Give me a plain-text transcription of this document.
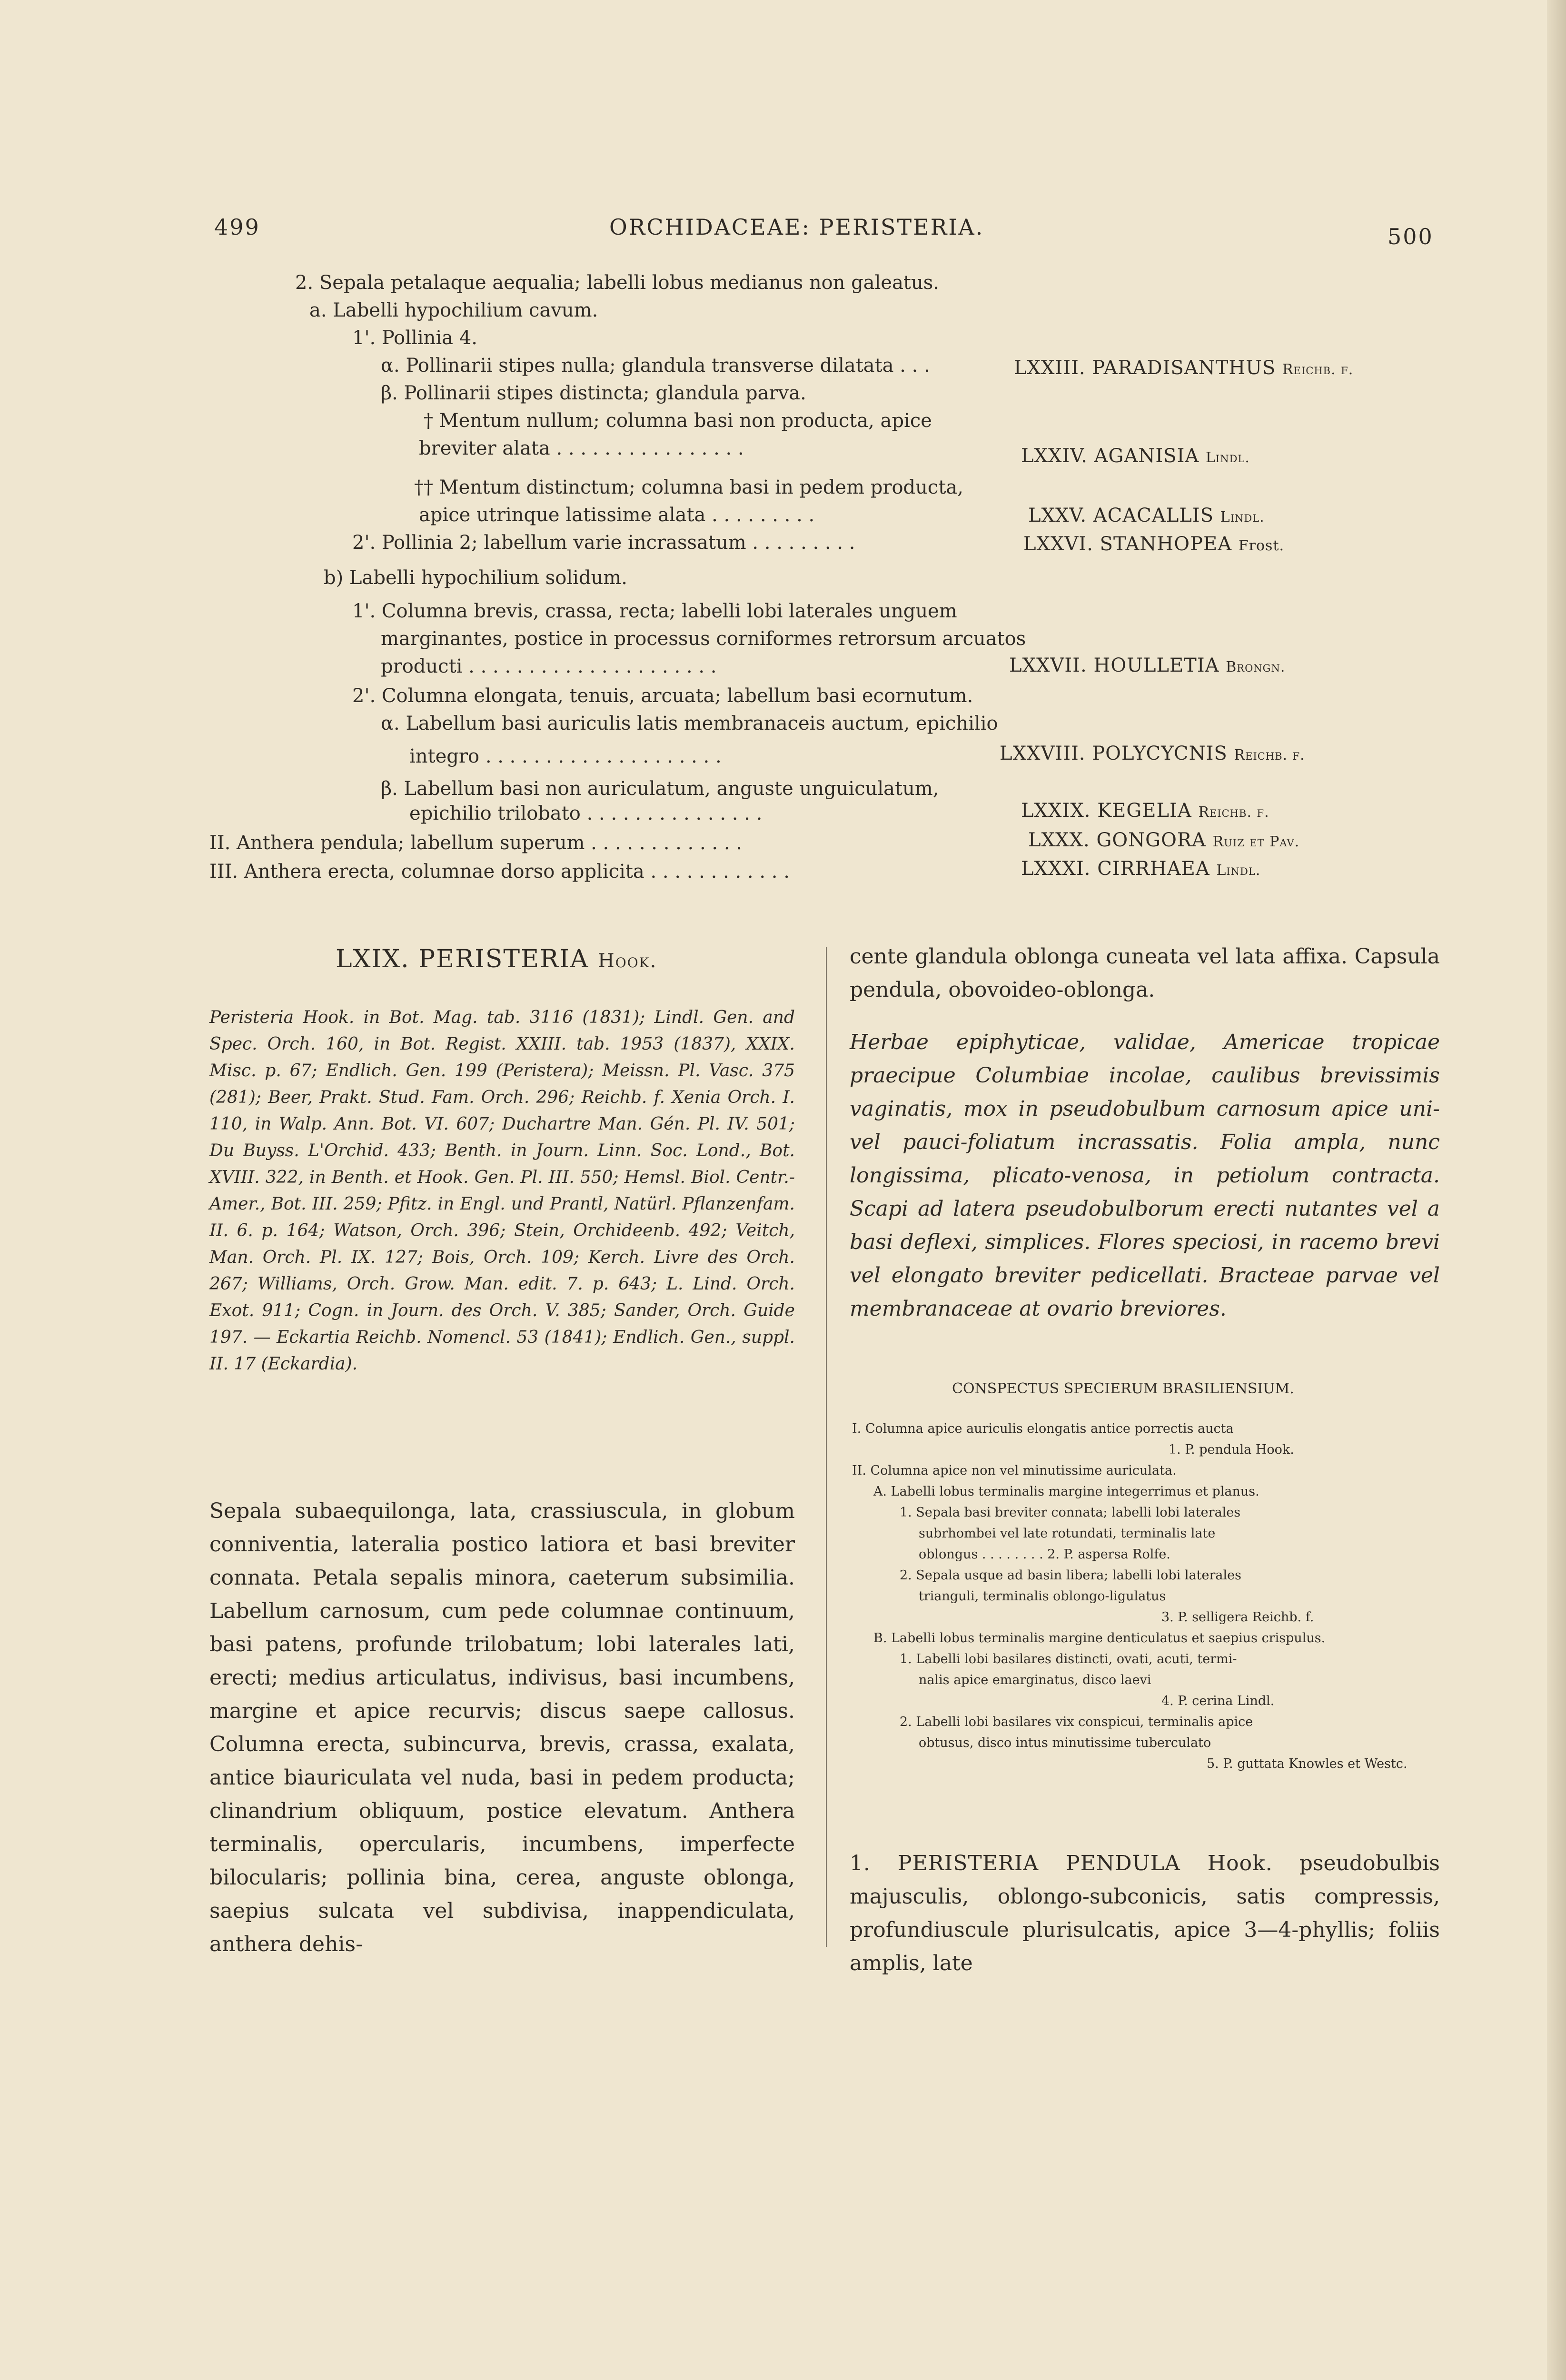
499	ORCHIDACEAE: PERISTERIA.	500
2. Sepala petalaque aequalia; labelli lobus medianus non galeatus.
a. Labelli hypochilium cavum.
1'. Pollinia 4.
α. Pollinarii stipes nulla; glandula transverse dilatata . . .
β. Pollinarii stipes distincta; glandula parva.
† Mentum nullum; columna basi non producta, apice
breviter alata . . . . . . . . . . . . . . . .
†† Mentum distinctum; columna basi in pedem producta,
apice utrinque latissime alata . . . . . . . . .
2'. Pollinia 2; labellum varie incrassatum . . . . . . . . .
b) Labelli hypochilium solidum.
1'. Columna brevis, crassa, recta; labelli lobi laterales unguem
marginantes, postice in processus corniformes retrorsum arcuatos
producti . . . . . . . . . . . . . . . . . . . . .
2'. Columna elongata, tenuis, arcuata; labellum basi ecornutum.
α. Labellum basi auriculis latis membranaceis auctum, epichilio
integro . . . . . . . . . . . . . . . . . . . .
β. Labellum basi non auriculatum, anguste unguiculatum,
epichilio trilobato . . . . . . . . . . . . . . .
II. Anthera pendula; labellum superum . . . . . . . . . . . . .
III. Anthera erecta, columnae dorso applicita . . . . . . . . . . . .
LXXIII. PARADISANTHUS Reichb. f.
LXXIV. AGANISIA Lindl.
LXXV. ACACALLIS Lindl.
LXXVI. STANHOPEA Frost.
LXXVII. HOULLETIA Brongn.
LXXVIII. POLYCYCNIS Reichb. f.
LXXIX. KEGELIA Reichb. f.
LXXX. GONGORA Ruiz et Pav.
LXXXI. CIRRHAEA Lindl.
LXIX. PERISTERIA Hook.
Peristeria Hook. in Bot. Mag. tab. 3116 (1831); Lindl. Gen. and Spec. Orch. 160, in Bot. Regist. XXIII. tab. 1953 (1837), XXIX. Misc. p. 67; Endlich. Gen. 199 (Peristera); Meissn. Pl. Vasc. 375 (281); Beer, Prakt. Stud. Fam. Orch. 296; Reichb. f. Xenia Orch. I. 110, in Walp. Ann. Bot. VI. 607; Duchartre Man. Gén. Pl. IV. 501; Du Buyss. L'Orchid. 433; Benth. in Journ. Linn. Soc. Lond., Bot. XVIII. 322, in Benth. et Hook. Gen. Pl. III. 550; Hemsl. Biol. Centr.-Amer., Bot. III. 259; Pfitz. in Engl. und Prantl, Natürl. Pflanzenfam. II. 6. p. 164; Watson, Orch. 396; Stein, Orchideenb. 492; Veitch, Man. Orch. Pl. IX. 127; Bois, Orch. 109; Kerch. Livre des Orch. 267; Williams, Orch. Grow. Man. edit. 7. p. 643; L. Lind. Orch. Exot. 911; Cogn. in Journ. des Orch. V. 385; Sander, Orch. Guide 197. — Eckartia Reichb. Nomencl. 53 (1841); Endlich. Gen., suppl. II. 17 (Eckardia).
Sepala subaequilonga, lata, crassiuscula, in globum conniventia, lateralia postico latiora et basi breviter connata. Petala sepalis minora, caeterum subsimilia. Labellum carnosum, cum pede columnae continuum, basi patens, profunde trilobatum; lobi laterales lati, erecti; medius articulatus, indivisus, basi incumbens, margine et apice recurvis; discus saepe callosus. Columna erecta, subincurva, brevis, crassa, exalata, antice biauriculata vel nuda, basi in pedem producta; clinandrium obliquum, postice elevatum. Anthera terminalis, opercularis, incumbens, imperfecte bilocularis; pollinia bina, cerea, anguste oblonga, saepius sulcata vel subdivisa, inappendiculata, anthera dehis-
cente glandula oblonga cuneata vel lata affixa. Capsula pendula, obovoideo-oblonga.
Herbae epiphyticae, validae, Americae tropicae praecipue Columbiae incolae, caulibus brevissimis vaginatis, mox in pseudobulbum carnosum apice uni- vel pauci-foliatum incrassatis. Folia ampla, nunc longissima, plicato-venosa, in petiolum contracta. Scapi ad latera pseudobulborum erecti nutantes vel a basi deflexi, simplices. Flores speciosi, in racemo brevi vel elongato breviter pedicellati. Bracteae parvae vel membranaceae at ovario breviores.
CONSPECTUS SPECIERUM BRASILIENSIUM.
I. Columna apice auriculis elongatis antice porrectis aucta
1. P. pendula Hook.
II. Columna apice non vel minutissime auriculata.
A. Labelli lobus terminalis margine integerrimus et planus.
1. Sepala basi breviter connata; labelli lobi laterales
subrhombei vel late rotundati, terminalis late
oblongus . . . . . . . . 2. P. aspersa Rolfe.
2. Sepala usque ad basin libera; labelli lobi laterales
trianguli, terminalis oblongo-ligulatus
3. P. selligera Reichb. f.
B. Labelli lobus terminalis margine denticulatus et saepius crispulus.
1. Labelli lobi basilares distincti, ovati, acuti, termi-
nalis apice emarginatus, disco laevi
4. P. cerina Lindl.
2. Labelli lobi basilares vix conspicui, terminalis apice
obtusus, disco intus minutissime tuberculato
5. P. guttata Knowles et Westc.
1. PERISTERIA PENDULA Hook. pseudobulbis majusculis, oblongo-subconicis, satis compressis, profundiuscule plurisulcatis, apice 3—4-phyllis; foliis amplis, late
